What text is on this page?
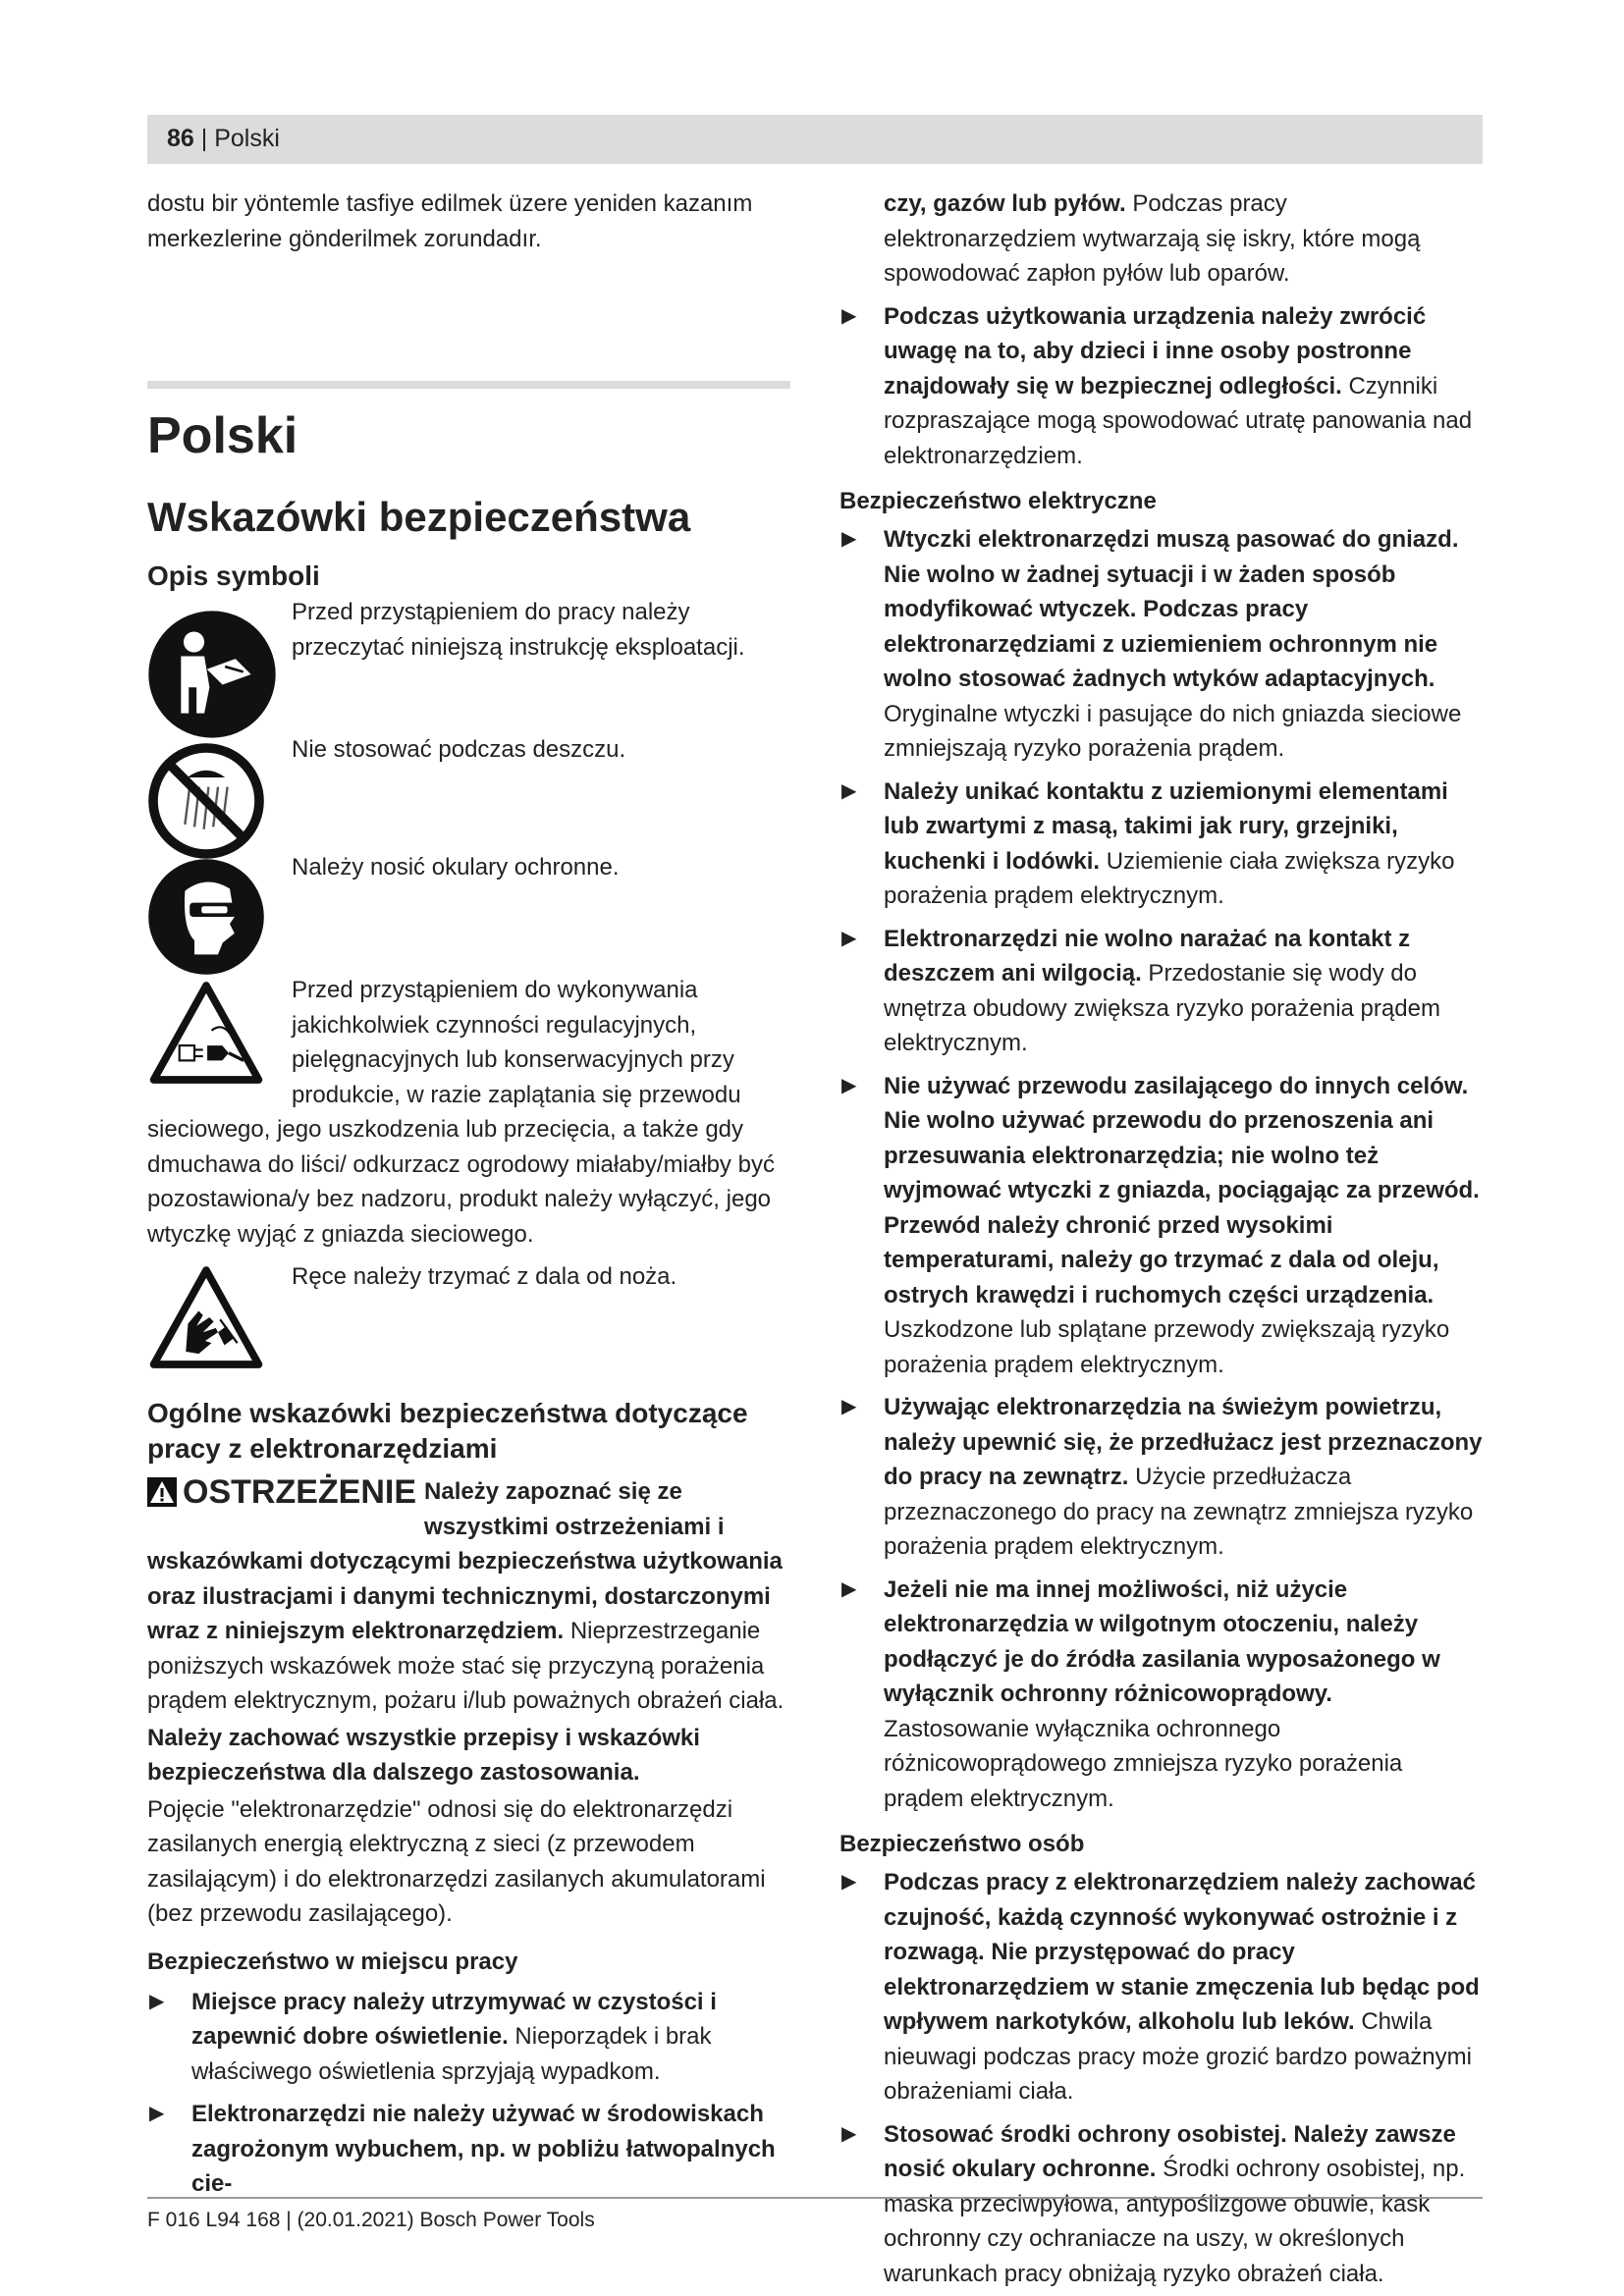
86 | Polski

dostu bir yöntemle tasfiye edilmek üzere yeniden kazanım merkezlerine gönderilmek zorundadır.

Polski
Wskazówki bezpieczeństwa
Opis symboli

Przed przystąpieniem do pracy należy przeczytać niniejszą instrukcję eksploatacji.

Nie stosować podczas deszczu.

Należy nosić okulary ochronne.

Przed przystąpieniem do wykonywania jakichkolwiek czynności regulacyjnych, pielęgnacyjnych lub konserwacyjnych przy produkcie, w razie zaplątania się przewodu sieciowego, jego uszkodzenia lub przecięcia, a także gdy dmuchawa do liści/ odkurzacz ogrodowy miałaby/miałby być pozostawiona/y bez nadzoru, produkt należy wyłączyć, jego wtyczkę wyjąć z gniazda sieciowego.

Ręce należy trzymać z dala od noża.

Ogólne wskazówki bezpieczeństwa dotyczące pracy z elektronarzędziami

OSTRZEŻENIE Należy zapoznać się ze wszystkimi ostrzeżeniami i wskazówkami dotyczącymi bezpieczeństwa użytkowania oraz ilustracjami i danymi technicznymi, dostarczonymi wraz z niniejszym elektronarzędziem. Nieprzestrzeganie poniższych wskazówek może stać się przyczyną porażenia prądem elektrycznym, pożaru i/lub poważnych obrażeń ciała.

Należy zachować wszystkie przepisy i wskazówki bezpieczeństwa dla dalszego zastosowania.

Pojęcie "elektronarzędzie" odnosi się do elektronarzędzi zasilanych energią elektryczną z sieci (z przewodem zasilającym) i do elektronarzędzi zasilanych akumulatorami (bez przewodu zasilającego).

Bezpieczeństwo w miejscu pracy
▶ Miejsce pracy należy utrzymywać w czystości i zapewnić dobre oświetlenie. Nieporządek i brak właściwego oświetlenia sprzyjają wypadkom.
▶ Elektronarzędzi nie należy używać w środowiskach zagrożonym wybuchem, np. w pobliżu łatwopalnych cie-

czy, gazów lub pyłów. Podczas pracy elektronarzędziem wytwarzają się iskry, które mogą spowodować zapłon pyłów lub oparów.

▶ Podczas użytkowania urządzenia należy zwrócić uwagę na to, aby dzieci i inne osoby postronne znajdowały się w bezpiecznej odległości. Czynniki rozpraszające mogą spowodować utratę panowania nad elektronarzędziem.
Bezpieczeństwo elektryczne
▶ Wtyczki elektronarzędzi muszą pasować do gniazd. Nie wolno w żadnej sytuacji i w żaden sposób modyfikować wtyczek. Podczas pracy elektronarzędziami z uziemieniem ochronnym nie wolno stosować żadnych wtyków adaptacyjnych. Oryginalne wtyczki i pasujące do nich gniazda sieciowe zmniejszają ryzyko porażenia prądem.
▶ Należy unikać kontaktu z uziemionymi elementami lub zwartymi z masą, takimi jak rury, grzejniki, kuchenki i lodówki. Uziemienie ciała zwiększa ryzyko porażenia prądem elektrycznym.
▶ Elektronarzędzi nie wolno narażać na kontakt z deszczem ani wilgocią. Przedostanie się wody do wnętrza obudowy zwiększa ryzyko porażenia prądem elektrycznym.
▶ Nie używać przewodu zasilającego do innych celów. Nie wolno używać przewodu do przenoszenia ani przesuwania elektronarzędzia; nie wolno też wyjmować wtyczki z gniazda, pociągając za przewód. Przewód należy chronić przed wysokimi temperaturami, należy go trzymać z dala od oleju, ostrych krawędzi i ruchomych części urządzenia. Uszkodzone lub splątane przewody zwiększają ryzyko porażenia prądem elektrycznym.
▶ Używając elektronarzędzia na świeżym powietrzu, należy upewnić się, że przedłużacz jest przeznaczony do pracy na zewnątrz. Użycie przedłużacza przeznaczonego do pracy na zewnątrz zmniejsza ryzyko porażenia prądem elektrycznym.
▶ Jeżeli nie ma innej możliwości, niż użycie elektronarzędzia w wilgotnym otoczeniu, należy podłączyć je do źródła zasilania wyposażonego w wyłącznik ochronny różnicowoprądowy. Zastosowanie wyłącznika ochronnego różnicowoprądowego zmniejsza ryzyko porażenia prądem elektrycznym.
Bezpieczeństwo osób
▶ Podczas pracy z elektronarzędziem należy zachować czujność, każdą czynność wykonywać ostrożnie i z rozwagą. Nie przystępować do pracy elektronarzędziem w stanie zmęczenia lub będąc pod wpływem narkotyków, alkoholu lub leków. Chwila nieuwagi podczas pracy może grozić bardzo poważnymi obrażeniami ciała.
▶ Stosować środki ochrony osobistej. Należy zawsze nosić okulary ochronne. Środki ochrony osobistej, np. maska przeciwpyłowa, antypoślizgowe obuwie, kask ochronny czy ochraniacze na uszy, w określonych warunkach pracy obniżają ryzyko obrażeń ciała.
F 016 L94 168 | (20.01.2021) Bosch Power Tools
